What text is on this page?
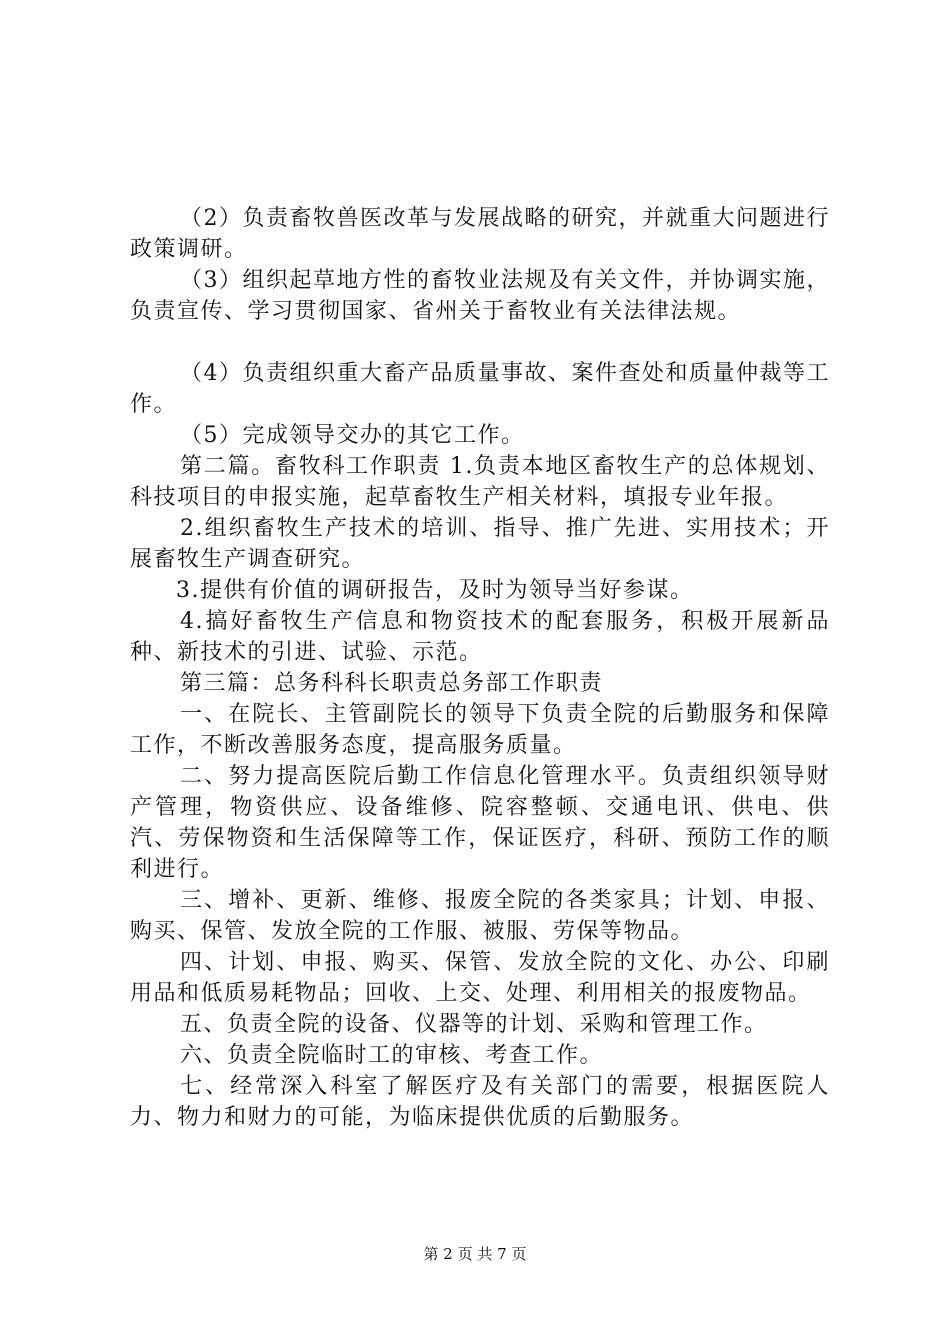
（2）负责畜牧兽医改革与发展战略的研究，并就重大问题进行政策调研。

（3）组织起草地方性的畜牧业法规及有关文件，并协调实施，负责宣传、学习贯彻国家、省州关于畜牧业有关法律法规。

（4）负责组织重大畜产品质量事故、案件查处和质量仲裁等工作。

（5）完成领导交办的其它工作。

第二篇。畜牧科工作职责 1.负责本地区畜牧生产的总体规划、科技项目的申报实施，起草畜牧生产相关材料，填报专业年报。

2.组织畜牧生产技术的培训、指导、推广先进、实用技术；开展畜牧生产调查研究。

3.提供有价值的调研报告，及时为领导当好参谋。

4.搞好畜牧生产信息和物资技术的配套服务，积极开展新品种、新技术的引进、试验、示范。

第三篇：总务科科长职责总务部工作职责

一、在院长、主管副院长的领导下负责全院的后勤服务和保障工作，不断改善服务态度，提高服务质量。

二、努力提高医院后勤工作信息化管理水平。负责组织领导财产管理，物资供应、设备维修、院容整顿、交通电讯、供电、供汽、劳保物资和生活保障等工作，保证医疗，科研、预防工作的顺利进行。

三、增补、更新、维修、报废全院的各类家具；计划、申报、购买、保管、发放全院的工作服、被服、劳保等物品。

四、计划、申报、购买、保管、发放全院的文化、办公、印刷用品和低质易耗物品；回收、上交、处理、利用相关的报废物品。

五、负责全院的设备、仪器等的计划、采购和管理工作。

六、负责全院临时工的审核、考查工作。

七、经常深入科室了解医疗及有关部门的需要，根据医院人力、物力和财力的可能，为临床提供优质的后勤服务。

第 2 页 共 7 页
